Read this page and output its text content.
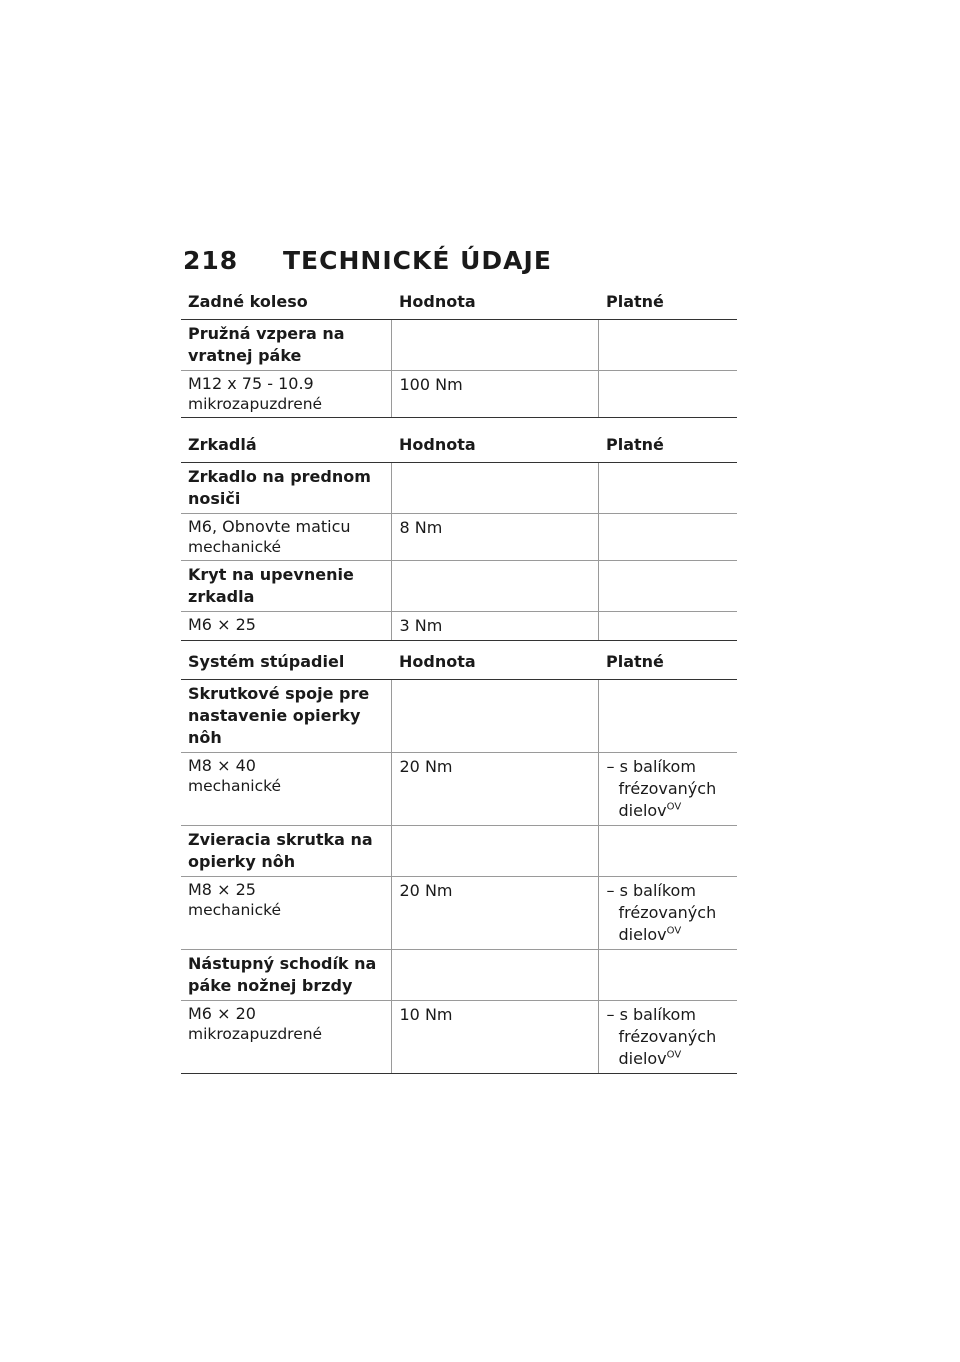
218 TECHNICKÉ ÚDAJE
Zadné koleso	Hodnota	Platné
Pružná vzpera na vratnej páke		

M12 x 75 - 10.9
mikrozapuzdrené	100 Nm	
Zrkadlá	Hodnota	Platné
Zrkadlo na prednom nosiči		

M6, Obnovte maticu
mechanické	8 Nm	
Kryt na upevnenie zrkadla		

M6 × 25	3 Nm	
Systém stúpadiel	Hodnota	Platné
Skrutkové spoje pre nastavenie opierky nôh		

M8 × 40
mechanické	20 Nm	– s balíkom frézovaných dielov$^{OV}$

Zvieracia skrutka na opierky nôh		

M8 × 25
mechanické	20 Nm	– s balíkom frézovaných dielov$^{OV}$

Nástupný schodík na páke nožnej brzdy		

M6 × 20
mikrozapuzdrené	10 Nm	– s balíkom frézovaných dielov$^{OV}$
